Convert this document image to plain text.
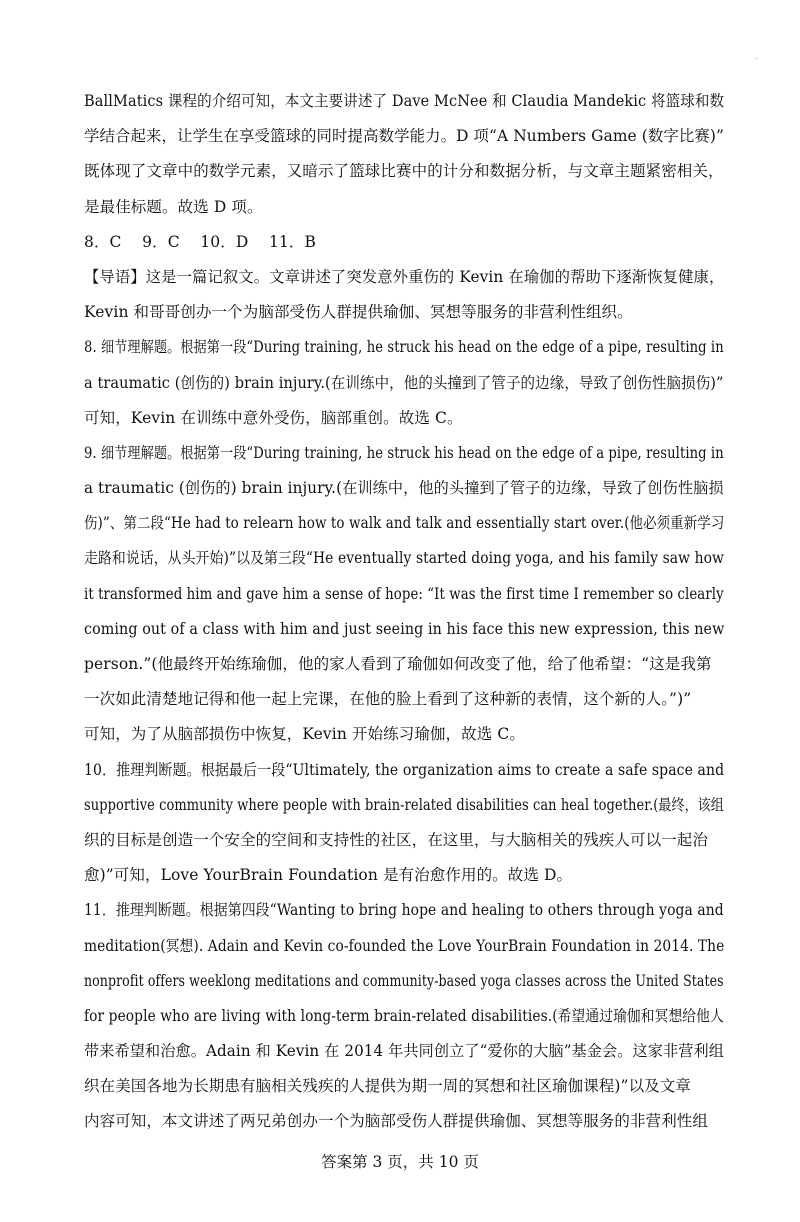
BallMatics 课程的介绍可知，本文主要讲述了 Dave McNee 和 Claudia Mandekic 将篮球和数
学结合起来，让学生在享受篮球的同时提高数学能力。D 项“A Numbers Game (数字比赛)”
既体现了文章中的数学元素，又暗示了篮球比赛中的计分和数据分析，与文章主题紧密相关，
是最佳标题。故选 D 项。
8．C　 9．C　 10．D　 11．B
【导语】这是一篇记叙文。文章讲述了突发意外重伤的 Kevin 在瑜伽的帮助下逐渐恢复健康，
Kevin 和哥哥创办一个为脑部受伤人群提供瑜伽、冥想等服务的非营利性组织。
8. 细节理解题。根据第一段“During training, he struck his head on the edge of a pipe, resulting in
a traumatic (创伤的) brain injury.(在训练中，他的头撞到了管子的边缘，导致了创伤性脑损伤)”
可知，Kevin 在训练中意外受伤，脑部重创。故选 C。
9. 细节理解题。根据第一段“During training, he struck his head on the edge of a pipe, resulting in
a traumatic (创伤的) brain injury.(在训练中，他的头撞到了管子的边缘，导致了创伤性脑损
伤)”、第二段“He had to relearn how to walk and talk and essentially start over.(他必须重新学习
走路和说话，从头开始)”以及第三段“He eventually started doing yoga, and his family saw how
it transformed him and gave him a sense of hope: “It was the first time I remember so clearly
coming out of a class with him and just seeing in his face this new expression, this new
person.”(他最终开始练瑜伽，他的家人看到了瑜伽如何改变了他，给了他希望：“这是我第
一次如此清楚地记得和他一起上完课，在他的脸上看到了这种新的表情，这个新的人。”)”
可知，为了从脑部损伤中恢复，Kevin 开始练习瑜伽，故选 C。
10．推理判断题。根据最后一段“Ultimately, the organization aims to create a safe space and
supportive community where people with brain-related disabilities can heal together.(最终，该组
织的目标是创造一个安全的空间和支持性的社区，在这里，与大脑相关的残疾人可以一起治
愈)”可知，Love YourBrain Foundation 是有治愈作用的。故选 D。
11．推理判断题。根据第四段“Wanting to bring hope and healing to others through yoga and
meditation(冥想). Adain and Kevin co-founded the Love YourBrain Foundation in 2014. The
nonprofit offers weeklong meditations and community-based yoga classes across the United States
for people who are living with long-term brain-related disabilities.(希望通过瑜伽和冥想给他人
带来希望和治愈。Adain 和 Kevin 在 2014 年共同创立了“爱你的大脑”基金会。这家非营利组
织在美国各地为长期患有脑相关残疾的人提供为期一周的冥想和社区瑜伽课程)”以及文章
内容可知，本文讲述了两兄弟创办一个为脑部受伤人群提供瑜伽、冥想等服务的非营利性组
答案第 3 页，共 10 页
